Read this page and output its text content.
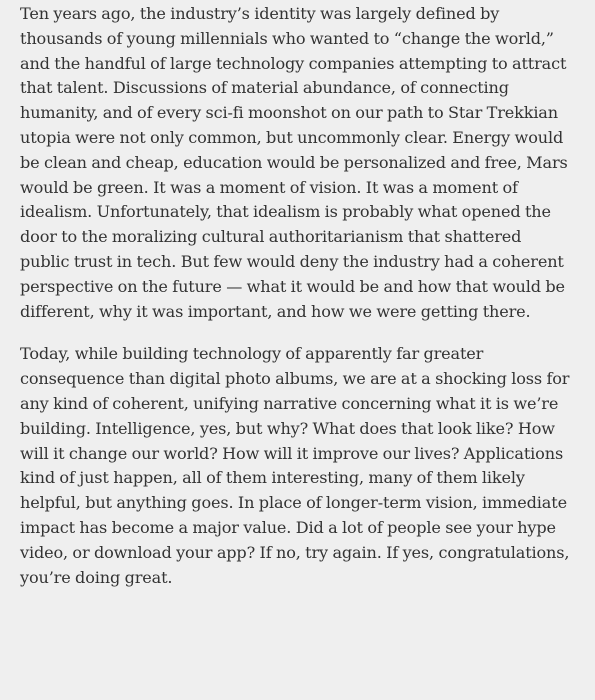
Ten years ago, the industry’s identity was largely defined by thousands of young millennials who wanted to “change the world,” and the handful of large technology companies attempting to attract that talent. Discussions of material abundance, of connecting humanity, and of every sci-fi moonshot on our path to Star Trekkian utopia were not only common, but uncommonly clear. Energy would be clean and cheap, education would be personalized and free, Mars would be green. It was a moment of vision. It was a moment of idealism. Unfortunately, that idealism is probably what opened the door to the moralizing cultural authoritarianism that shattered public trust in tech. But few would deny the industry had a coherent perspective on the future — what it would be and how that would be different, why it was important, and how we were getting there.

Today, while building technology of apparently far greater consequence than digital photo albums, we are at a shocking loss for any kind of coherent, unifying narrative concerning what it is we’re building. Intelligence, yes, but why? What does that look like? How will it change our world? How will it improve our lives? Applications kind of just happen, all of them interesting, many of them likely helpful, but anything goes. In place of longer-term vision, immediate impact has become a major value. Did a lot of people see your hype video, or download your app? If no, try again. If yes, congratulations, you’re doing great.
